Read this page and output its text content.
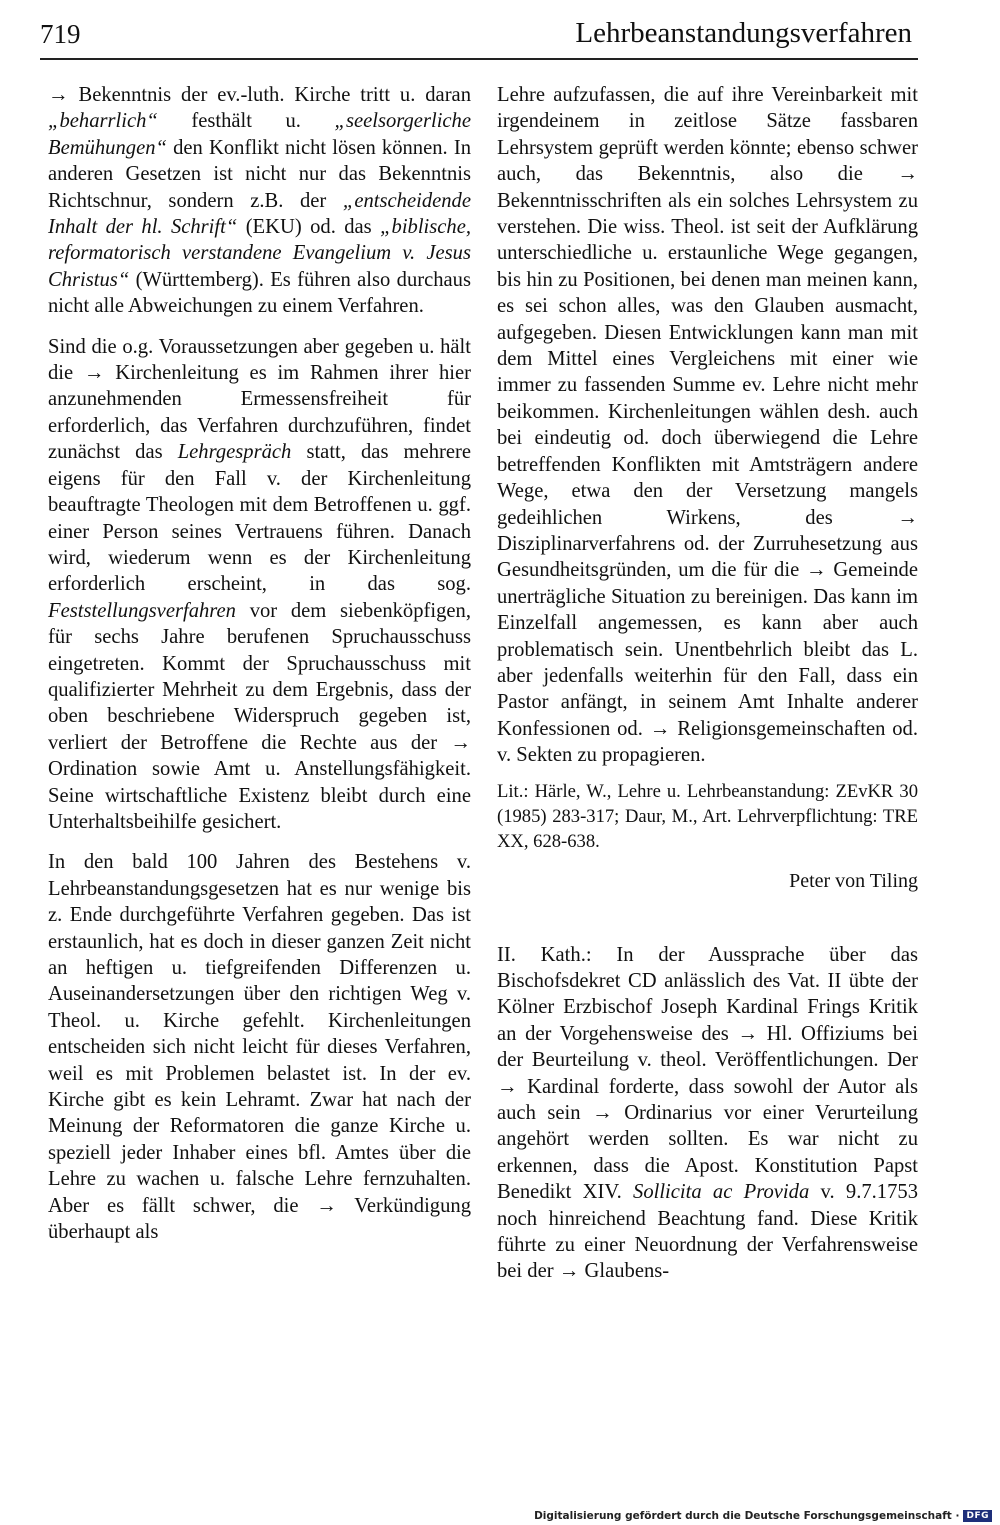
719	Lehrbeanstandungsverfahren

→ Bekenntnis der ev.-luth. Kirche tritt u. daran „beharrlich“ festhält u. „seelsorgerliche Bemühungen“ den Konflikt nicht lösen können. In anderen Gesetzen ist nicht nur das Bekenntnis Richtschnur, sondern z.B. der „entscheidende Inhalt der hl. Schrift“ (EKU) od. das „biblische, reformatorisch verstandene Evangelium v. Jesus Christus“ (Württemberg). Es führen also durchaus nicht alle Abweichungen zu einem Verfahren.

Sind die o.g. Voraussetzungen aber gegeben u. hält die → Kirchenleitung es im Rahmen ihrer hier anzunehmenden Ermessensfreiheit für erforderlich, das Verfahren durchzuführen, findet zunächst das Lehrgespräch statt, das mehrere eigens für den Fall v. der Kirchenleitung beauftragte Theologen mit dem Betroffenen u. ggf. einer Person seines Vertrauens führen. Danach wird, wiederum wenn es der Kirchenleitung erforderlich erscheint, in das sog. Feststellungsverfahren vor dem siebenköpfigen, für sechs Jahre berufenen Spruchausschuss eingetreten. Kommt der Spruchausschuss mit qualifizierter Mehrheit zu dem Ergebnis, dass der oben beschriebene Widerspruch gegeben ist, verliert der Betroffene die Rechte aus der → Ordination sowie Amt u. Anstellungsfähigkeit. Seine wirtschaftliche Existenz bleibt durch eine Unterhaltsbeihilfe gesichert.

In den bald 100 Jahren des Bestehens v. Lehrbeanstandungsgesetzen hat es nur wenige bis z. Ende durchgeführte Verfahren gegeben. Das ist erstaunlich, hat es doch in dieser ganzen Zeit nicht an heftigen u. tiefgreifenden Differenzen u. Auseinandersetzungen über den richtigen Weg v. Theol. u. Kirche gefehlt. Kirchenleitungen entscheiden sich nicht leicht für dieses Verfahren, weil es mit Problemen belastet ist. In der ev. Kirche gibt es kein Lehramt. Zwar hat nach der Meinung der Reformatoren die ganze Kirche u. speziell jeder Inhaber eines bfl. Amtes über die Lehre zu wachen u. falsche Lehre fernzuhalten. Aber es fällt schwer, die → Verkündigung überhaupt als

Lehre aufzufassen, die auf ihre Vereinbarkeit mit irgendeinem in zeitlose Sätze fassbaren Lehrsystem geprüft werden könnte; ebenso schwer auch, das Bekenntnis, also die → Bekenntnisschriften als ein solches Lehrsystem zu verstehen. Die wiss. Theol. ist seit der Aufklärung unterschiedliche u. erstaunliche Wege gegangen, bis hin zu Positionen, bei denen man meinen kann, es sei schon alles, was den Glauben ausmacht, aufgegeben. Diesen Entwicklungen kann man mit dem Mittel eines Vergleichens mit einer wie immer zu fassenden Summe ev. Lehre nicht mehr beikommen. Kirchenleitungen wählen desh. auch bei eindeutig od. doch überwiegend die Lehre betreffenden Konflikten mit Amtsträgern andere Wege, etwa den der Versetzung mangels gedeihlichen Wirkens, des → Disziplinarverfahrens od. der Zurruhesetzung aus Gesundheitsgründen, um die für die → Gemeinde unerträgliche Situation zu bereinigen. Das kann im Einzelfall angemessen, es kann aber auch problematisch sein. Unentbehrlich bleibt das L. aber jedenfalls weiterhin für den Fall, dass ein Pastor anfängt, in seinem Amt Inhalte anderer Konfessionen od. → Religionsgemeinschaften od. v. Sekten zu propagieren.

Lit.: Härle, W., Lehre u. Lehrbeanstandung: ZEvKR 30 (1985) 283-317; Daur, M., Art. Lehrverpflichtung: TRE XX, 628-638.

Peter von Tiling

II. Kath.: In der Aussprache über das Bischofsdekret CD anlässlich des Vat. II übte der Kölner Erzbischof Joseph Kardinal Frings Kritik an der Vorgehensweise des → Hl. Offiziums bei der Beurteilung v. theol. Veröffentlichungen. Der → Kardinal forderte, dass sowohl der Autor als auch sein → Ordinarius vor einer Verurteilung angehört werden sollten. Es war nicht zu erkennen, dass die Apost. Konstitution Papst Benedikt XIV. Sollicita ac Provida v. 9.7.1753 noch hinreichend Beachtung fand. Diese Kritik führte zu einer Neuordnung der Verfahrensweise bei der → Glaubens-

Digitalisierung gefördert durch die Deutsche Forschungsgemeinschaft · DFG
